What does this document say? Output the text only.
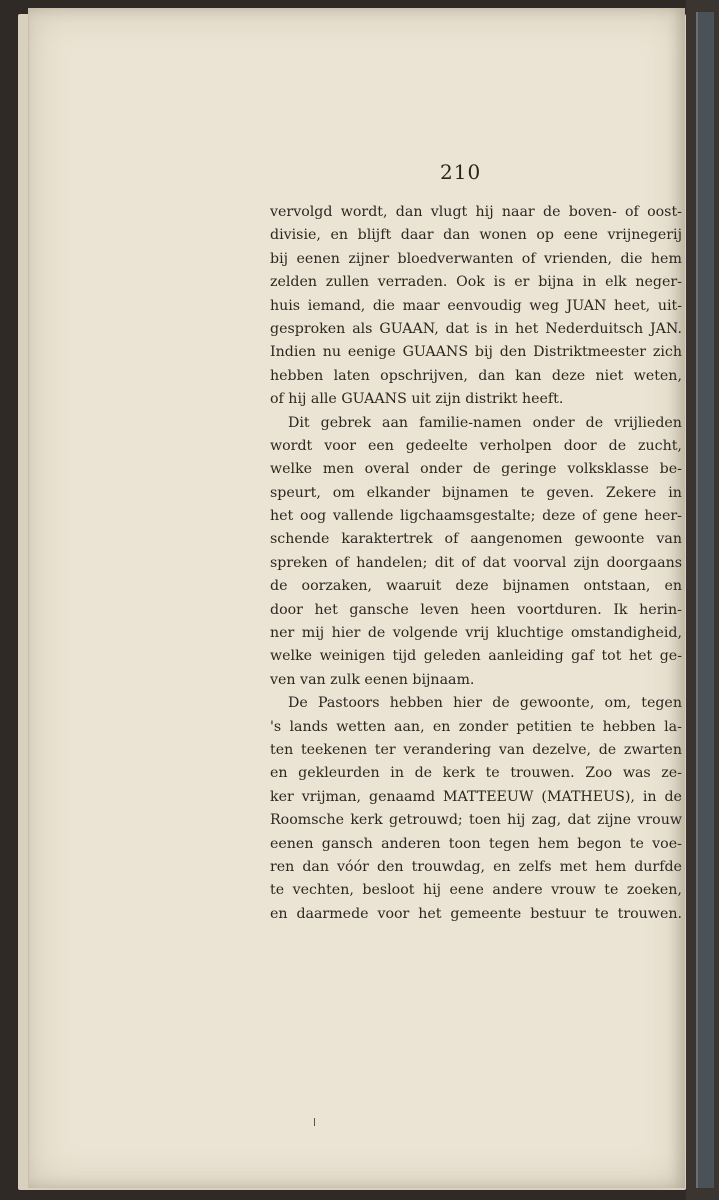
210
vervolgd wordt, dan vlugt hij naar de boven- of oost-
divisie, en blijft daar dan wonen op eene vrijnegerij
bij eenen zijner bloedverwanten of vrienden, die hem
zelden zullen verraden. Ook is er bijna in elk neger-
huis iemand, die maar eenvoudig weg JUAN heet, uit-
gesproken als GUAAN, dat is in het Nederduitsch JAN.
Indien nu eenige GUAANS bij den Distriktmeester zich
hebben laten opschrijven, dan kan deze niet weten,
of hij alle GUAANS uit zijn distrikt heeft.
Dit gebrek aan familie-namen onder de vrijlieden
wordt voor een gedeelte verholpen door de zucht,
welke men overal onder de geringe volksklasse be-
speurt, om elkander bijnamen te geven. Zekere in
het oog vallende ligchaamsgestalte; deze of gene heer-
schende karaktertrek of aangenomen gewoonte van
spreken of handelen; dit of dat voorval zijn doorgaans
de oorzaken, waaruit deze bijnamen ontstaan, en
door het gansche leven heen voortduren. Ik herin-
ner mij hier de volgende vrij kluchtige omstandigheid,
welke weinigen tijd geleden aanleiding gaf tot het ge-
ven van zulk eenen bijnaam.
De Pastoors hebben hier de gewoonte, om, tegen
's lands wetten aan, en zonder petitien te hebben la-
ten teekenen ter verandering van dezelve, de zwarten
en gekleurden in de kerk te trouwen. Zoo was ze-
ker vrijman, genaamd MATTEEUW (MATHEUS), in de
Roomsche kerk getrouwd; toen hij zag, dat zijne vrouw
eenen gansch anderen toon tegen hem begon te voe-
ren dan vóór den trouwdag, en zelfs met hem durfde
te vechten, besloot hij eene andere vrouw te zoeken,
en daarmede voor het gemeente bestuur te trouwen.
